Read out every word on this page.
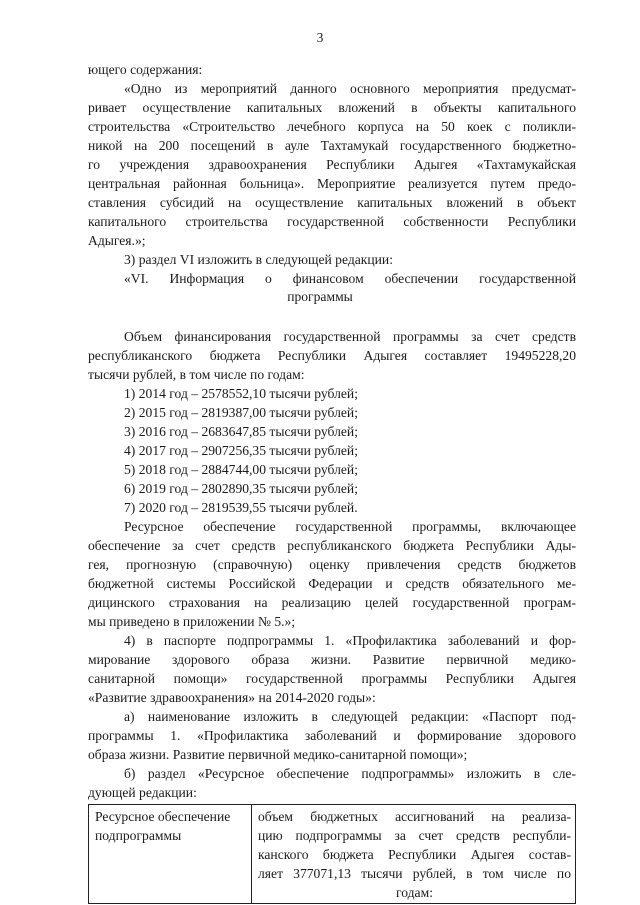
3
ющего содержания:
«Одно из мероприятий данного основного мероприятия предусмат-
ривает осуществление капитальных вложений в объекты капитального
строительства «Строительство лечебного корпуса на 50 коек с поликли-
никой на 200 посещений в ауле Тахтамукай государственного бюджетно-
го учреждения здравоохранения Республики Адыгея «Тахтамукайская
центральная районная больница». Мероприятие реализуется путем предо-
ставления субсидий на осуществление капитальных вложений в объект
капитального строительства государственной собственности Республики
Адыгея.»;
3) раздел VI изложить в следующей редакции:
«VI. Информация о финансовом обеспечении государственной
программы
Объем финансирования государственной программы за счет средств
республиканского бюджета Республики Адыгея составляет 19495228,20
тысячи рублей, в том числе по годам:
1) 2014 год – 2578552,10 тысячи рублей;
2) 2015 год – 2819387,00 тысячи рублей;
3) 2016 год – 2683647,85 тысячи рублей;
4) 2017 год – 2907256,35 тысячи рублей;
5) 2018 год – 2884744,00 тысячи рублей;
6) 2019 год – 2802890,35 тысячи рублей;
7) 2020 год – 2819539,55 тысячи рублей.
Ресурсное обеспечение государственной программы, включающее
обеспечение за счет средств республиканского бюджета Республики Ады-
гея, прогнозную (справочную) оценку привлечения средств бюджетов
бюджетной системы Российской Федерации и средств обязательного ме-
дицинского страхования на реализацию целей государственной програм-
мы приведено в приложении № 5.»;
4) в паспорте подпрограммы 1. «Профилактика заболеваний и фор-
мирование здорового образа жизни. Развитие первичной медико-
санитарной помощи» государственной программы Республики Адыгея
«Развитие здравоохранения» на 2014-2020 годы»:
а) наименование изложить в следующей редакции: «Паспорт под-
программы 1. «Профилактика заболеваний и формирование здорового
образа жизни. Развитие первичной медико-санитарной помощи»;
б) раздел «Ресурсное обеспечение подпрограммы» изложить в сле-
дующей редакции:
Ресурсное обеспечение
подпрограммы

объем бюджетных ассигнований на реализа-
цию подпрограммы за счет средств республи-
канского бюджета Республики Адыгея состав-
ляет 377071,13 тысячи рублей, в том числе по
годам:
